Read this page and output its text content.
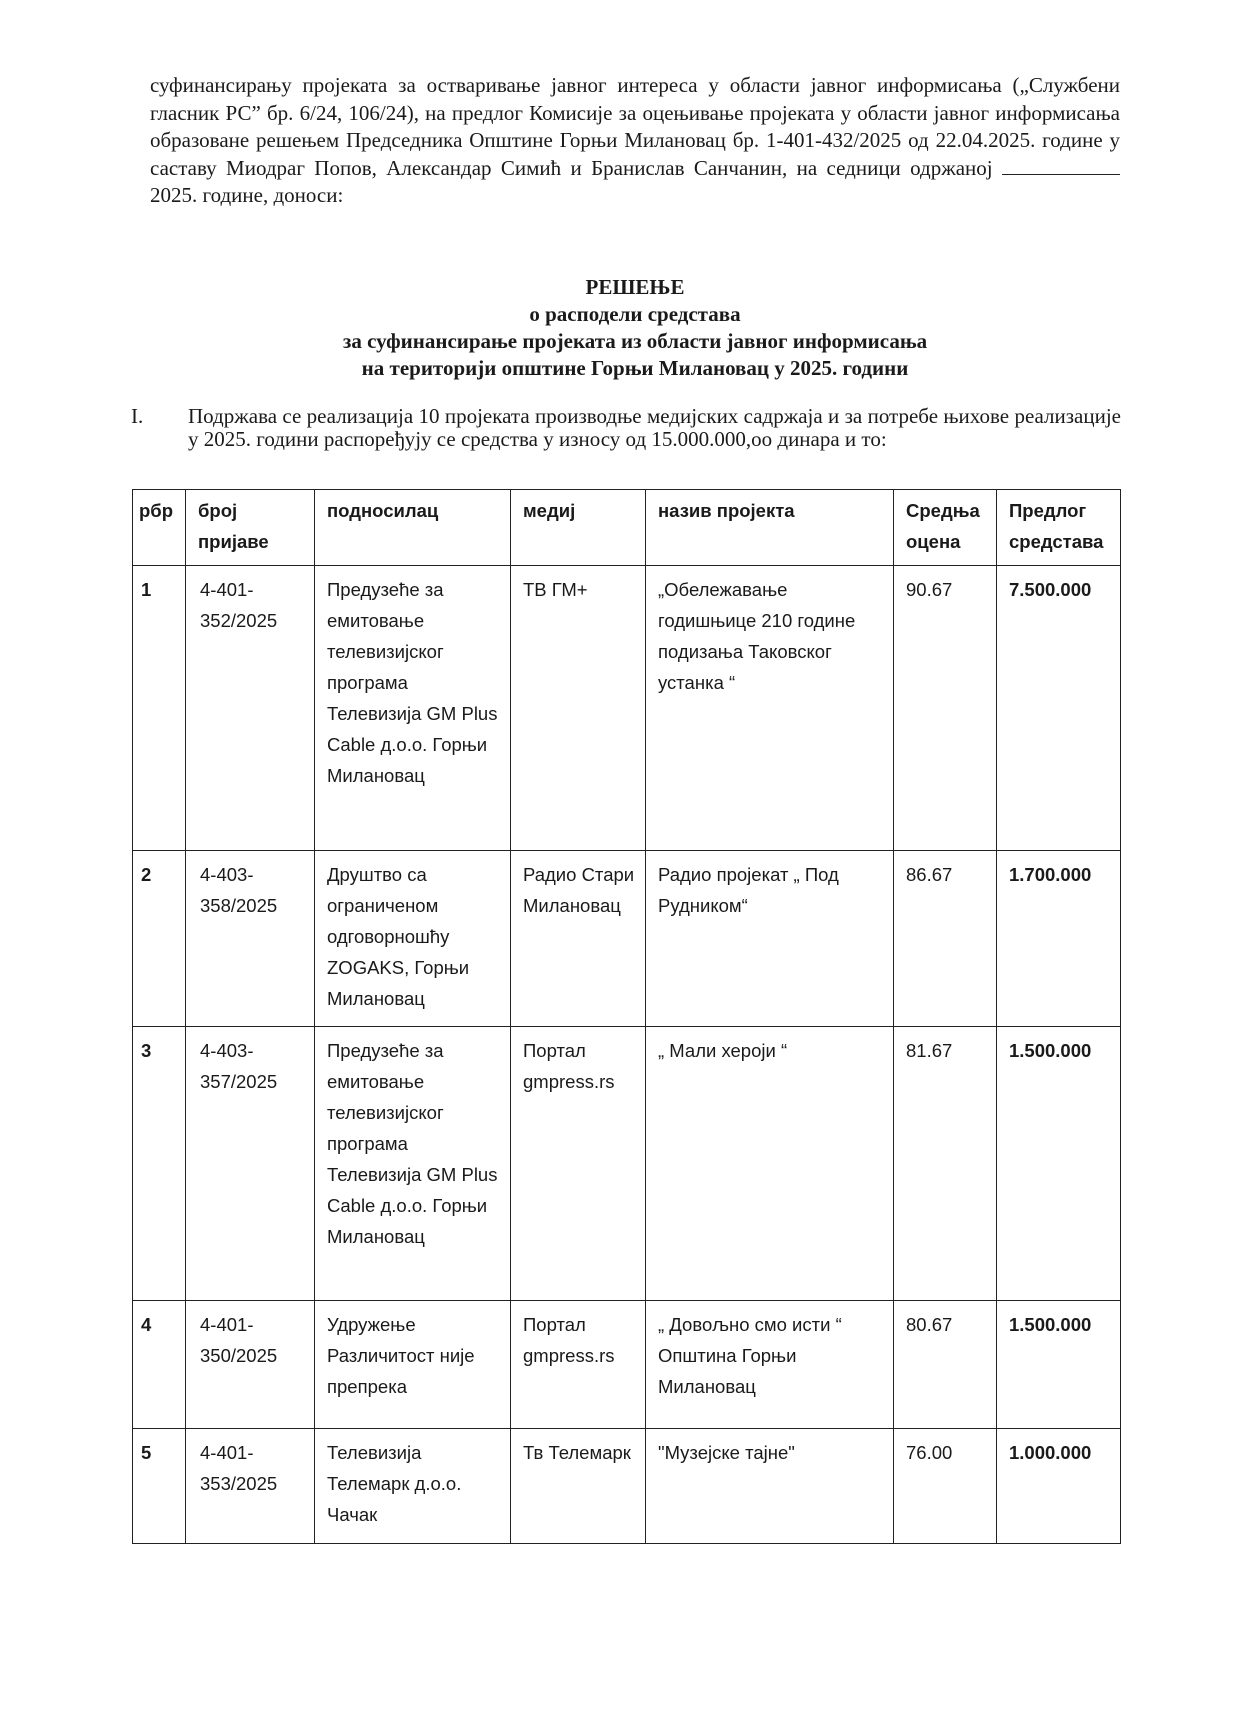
суфинансирању пројеката за остваривање јавног интереса у области јавног информисања („Службени гласник РС” бр. 6/24, 106/24), на предлог Комисије за оцењивање пројеката у области јавног информисања образоване решењем Председника Општине Горњи Милановац бр. 1-401-432/2025 од 22.04.2025. године у саставу Миодраг Попов, Александар Симић и Бранислав Санчанин, на седници одржаној  2025. године, доноси:

РЕШЕЊЕ
о расподели средстава
за суфинансирање пројеката из области јавног информисања
на територији општине Горњи Милановац у 2025. години
I. Подржава се реализација 10 пројеката производње медијских садржаја и за потребе њихове реализације у 2025. години распоређују се средства у износу од 15.000.000,оо динара и то:
рбр	број пријаве	подносилац	медиј	назив пројекта	Средња оцена	Предлог средстава
1	4-401-352/2025	Предузеће за емитовање телевизијског програма Телевизија GM Plus Cable д.о.о. Горњи Милановац	ТВ ГМ+	„Обележавање годишњице 210 године подизања Таковског устанка “	90.67	7.500.000
2	4-403-358/2025	Друштво са ограниченом одговорношћу ZOGAKS, Горњи Милановац	Радио Стари Милановац	Радио пројекат „ Под Рудником“	86.67	1.700.000
3	4-403-357/2025	Предузеће за емитовање телевизијског програма Телевизија GM Plus Cable д.о.о. Горњи Милановац	Портал gmpress.rs	„ Мали хероји “	81.67	1.500.000
4	4-401-350/2025	Удружење Различитост није препрека	Портал gmpress.rs	„ Довољно смо исти “ Општина Горњи Милановац	80.67	1.500.000
5	4-401-353/2025	Телевизија Телемарк д.о.о. Чачак	Тв Телемарк	"Музејске тајне"	76.00	1.000.000
